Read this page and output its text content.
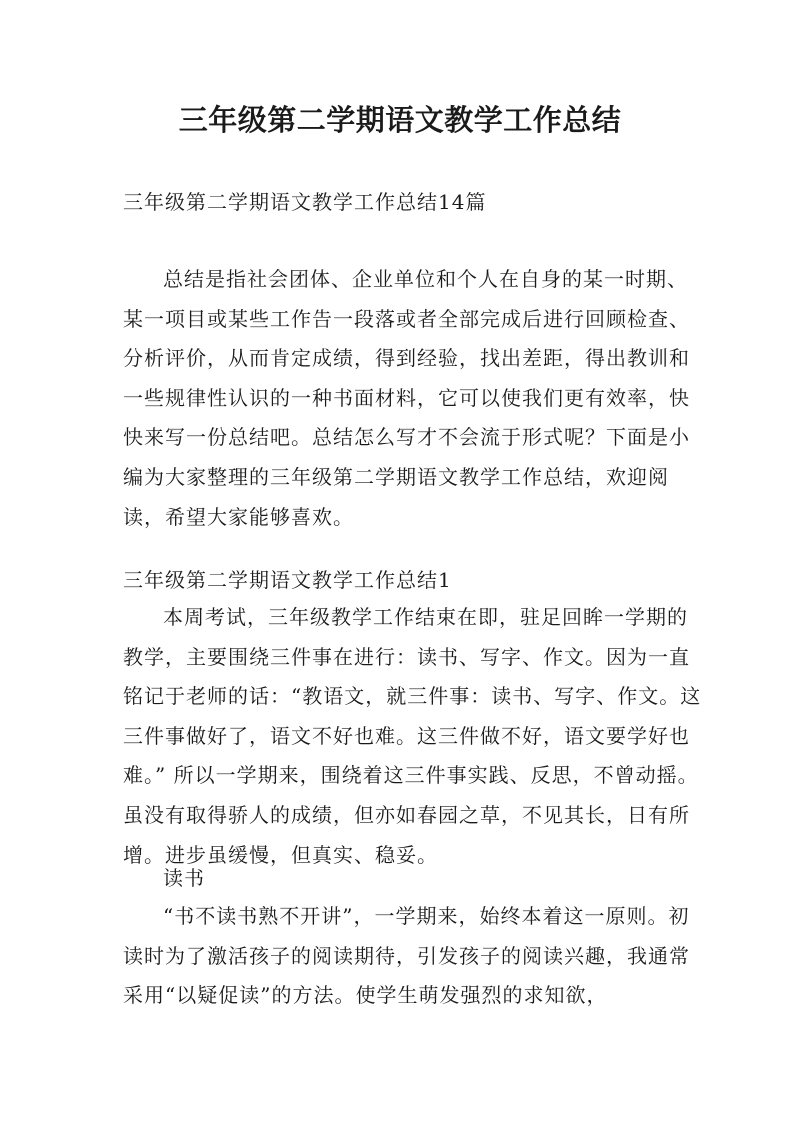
三年级第二学期语文教学工作总结

三年级第二学期语文教学工作总结14篇

总结是指社会团体、企业单位和个人在自身的某一时期、某一项目或某些工作告一段落或者全部完成后进行回顾检查、分析评价，从而肯定成绩，得到经验，找出差距，得出教训和一些规律性认识的一种书面材料，它可以使我们更有效率，快快来写一份总结吧。总结怎么写才不会流于形式呢？下面是小编为大家整理的三年级第二学期语文教学工作总结，欢迎阅读，希望大家能够喜欢。

三年级第二学期语文教学工作总结1

本周考试，三年级教学工作结束在即，驻足回眸一学期的教学，主要围绕三件事在进行：读书、写字、作文。因为一直铭记于老师的话：“教语文，就三件事：读书、写字、作文。这三件事做好了，语文不好也难。这三件做不好，语文要学好也难。” 所以一学期来，围绕着这三件事实践、反思，不曾动摇。虽没有取得骄人的成绩，但亦如春园之草，不见其长，日有所增。进步虽缓慢，但真实、稳妥。

读书

“书不读书熟不开讲”，一学期来，始终本着这一原则。初读时为了激活孩子的阅读期待，引发孩子的阅读兴趣，我通常采用“以疑促读”的方法。使学生萌发强烈的求知欲，
